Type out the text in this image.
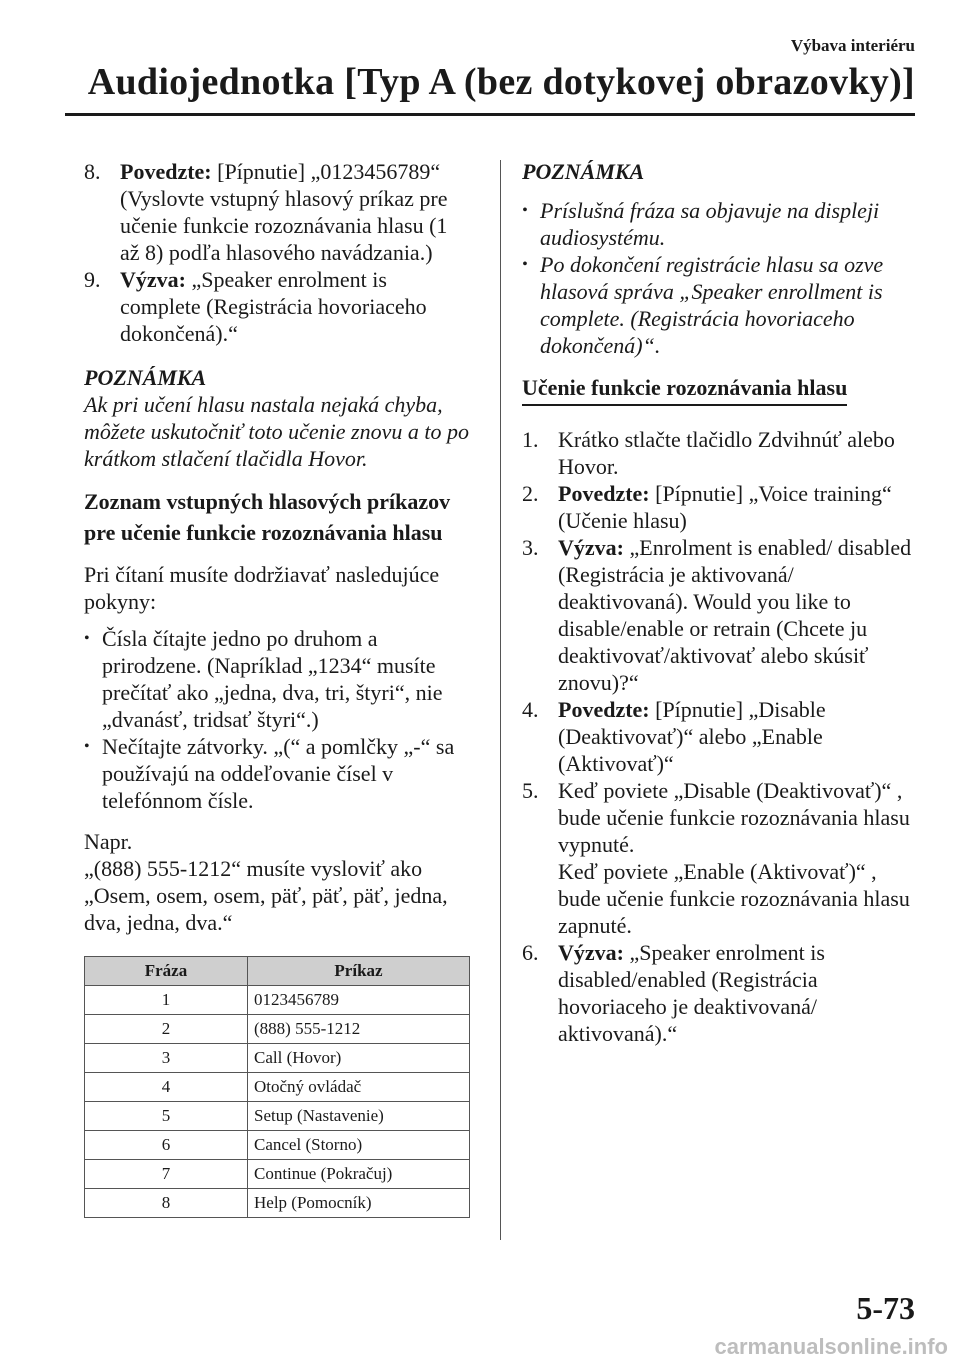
Výbava interiéru
Audiojednotka [Typ A (bez dotykovej obrazovky)]
8. Povedzte: [Pípnutie] „0123456789“ (Vyslovte vstupný hlasový príkaz pre učenie funkcie rozoznávania hlasu (1 až 8) podľa hlasového navádzania.)
9. Výzva: „Speaker enrolment is complete (Registrácia hovoriaceho dokončená).“
POZNÁMKA
Ak pri učení hlasu nastala nejaká chyba, môžete uskutočniť toto učenie znovu a to po krátkom stlačení tlačidla Hovor.
Zoznam vstupných hlasových príkazov pre učenie funkcie rozoznávania hlasu
Pri čítaní musíte dodržiavať nasledujúce pokyny:
• Čísla čítajte jedno po druhom a prirodzene. (Napríklad „1234“ musíte prečítať ako „jedna, dva, tri, štyri“, nie „dvanásť, tridsať štyri“.)
• Nečítajte zátvorky. „(“ a pomlčky „-“ sa používajú na oddeľovanie čísel v telefónnom čísle.
Napr.
„(888) 555-1212“ musíte vysloviť ako „Osem, osem, osem, päť, päť, päť, jedna, dva, jedna, dva.“
Fráza	Príkaz
1	0123456789
2	(888) 555-1212
3	Call (Hovor)
4	Otočný ovládač
5	Setup (Nastavenie)
6	Cancel (Storno)
7	Continue (Pokračuj)
8	Help (Pomocník)
POZNÁMKA
• Príslušná fráza sa objavuje na displeji audiosystému.
• Po dokončení registrácie hlasu sa ozve hlasová správa „Speaker enrollment is complete. (Registrácia hovoriaceho dokončená)“.
Učenie funkcie rozoznávania hlasu
1. Krátko stlačte tlačidlo Zdvihnúť alebo Hovor.
2. Povedzte: [Pípnutie] „Voice training“ (Učenie hlasu)
3. Výzva: „Enrolment is enabled/ disabled (Registrácia je aktivovaná/ deaktivovaná). Would you like to disable/enable or retrain (Chcete ju deaktivovať/aktivovať alebo skúsiť znovu)?“
4. Povedzte: [Pípnutie] „Disable (Deaktivovať)“ alebo „Enable (Aktivovať)“
5. Keď poviete „Disable (Deaktivovať)“ , bude učenie funkcie rozoznávania hlasu vypnuté.
Keď poviete „Enable (Aktivovať)“ , bude učenie funkcie rozoznávania hlasu zapnuté.
6. Výzva: „Speaker enrolment is disabled/enabled (Registrácia hovoriaceho je deaktivovaná/ aktivovaná).“
5-73
carmanualsonline.info
